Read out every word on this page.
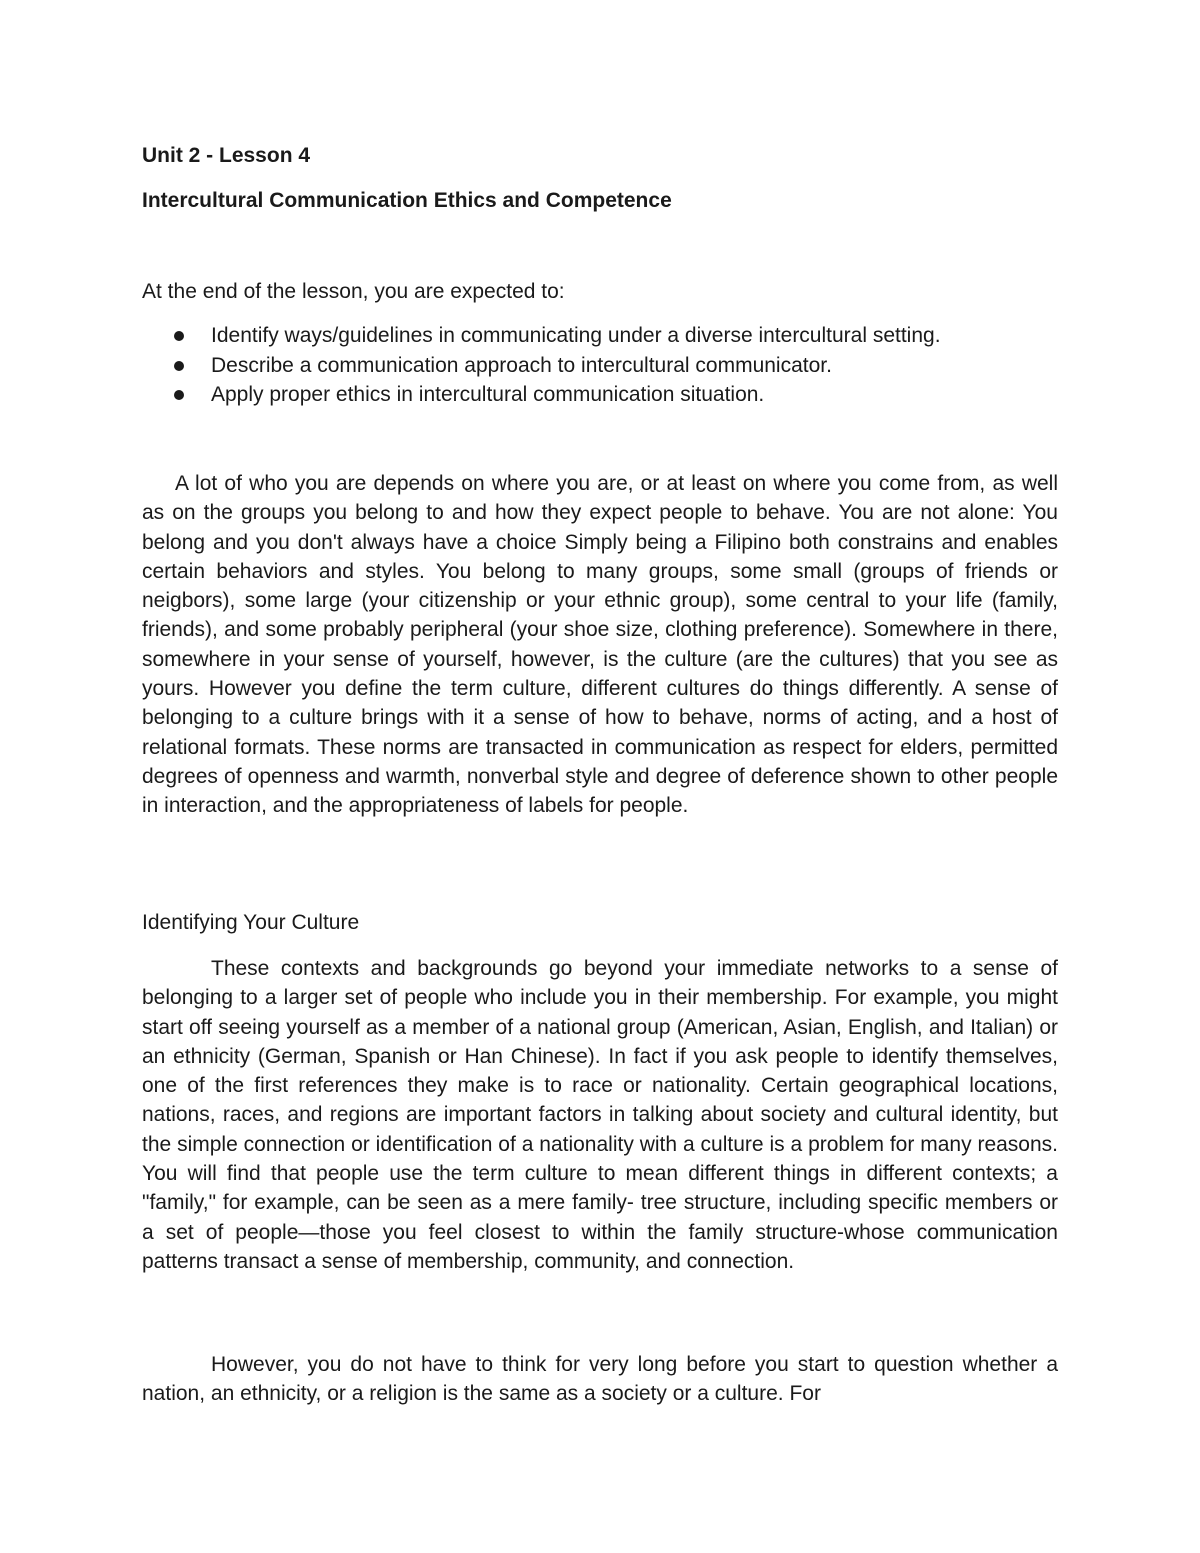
Unit 2 - Lesson 4
Intercultural Communication Ethics and Competence
At the end of the lesson, you are expected to:
Identify ways/guidelines in communicating under a diverse intercultural setting.
Describe a communication approach to intercultural communicator.
Apply proper ethics in intercultural communication situation.

A lot of who you are depends on where you are, or at least on where you come from, as well as on the groups you belong to and how they expect people to behave. You are not alone: You belong and you don't always have a choice Simply being a Filipino both constrains and enables certain behaviors and styles. You belong to many groups, some small (groups of friends or neigbors), some large (your citizenship or your ethnic group), some central to your life (family, friends), and some probably peripheral (your shoe size, clothing preference). Somewhere in there, somewhere in your sense of yourself, however, is the culture (are the cultures) that you see as yours. However you define the term culture, different cultures do things differently. A sense of belonging to a culture brings with it a sense of how to behave, norms of acting, and a host of relational formats. These norms are transacted in communication as respect for elders, permitted degrees of openness and warmth, nonverbal style and degree of deference shown to other people in interaction, and the appropriateness of labels for people.

Identifying Your Culture

These contexts and backgrounds go beyond your immediate networks to a sense of belonging to a larger set of people who include you in their membership. For example, you might start off seeing yourself as a member of a national group (American, Asian, English, and Italian) or an ethnicity (German, Spanish or Han Chinese). In fact if you ask people to identify themselves, one of the first references they make is to race or nationality. Certain geographical locations, nations, races, and regions are important factors in talking about society and cultural identity, but the simple connection or identification of a nationality with a culture is a problem for many reasons. You will find that people use the term culture to mean different things in different contexts; a "family," for example, can be seen as a mere family- tree structure, including specific members or a set of people—those you feel closest to within the family structure-whose communication patterns transact a sense of membership, community, and connection.

However, you do not have to think for very long before you start to question whether a nation, an ethnicity, or a religion is the same as a society or a culture. For
